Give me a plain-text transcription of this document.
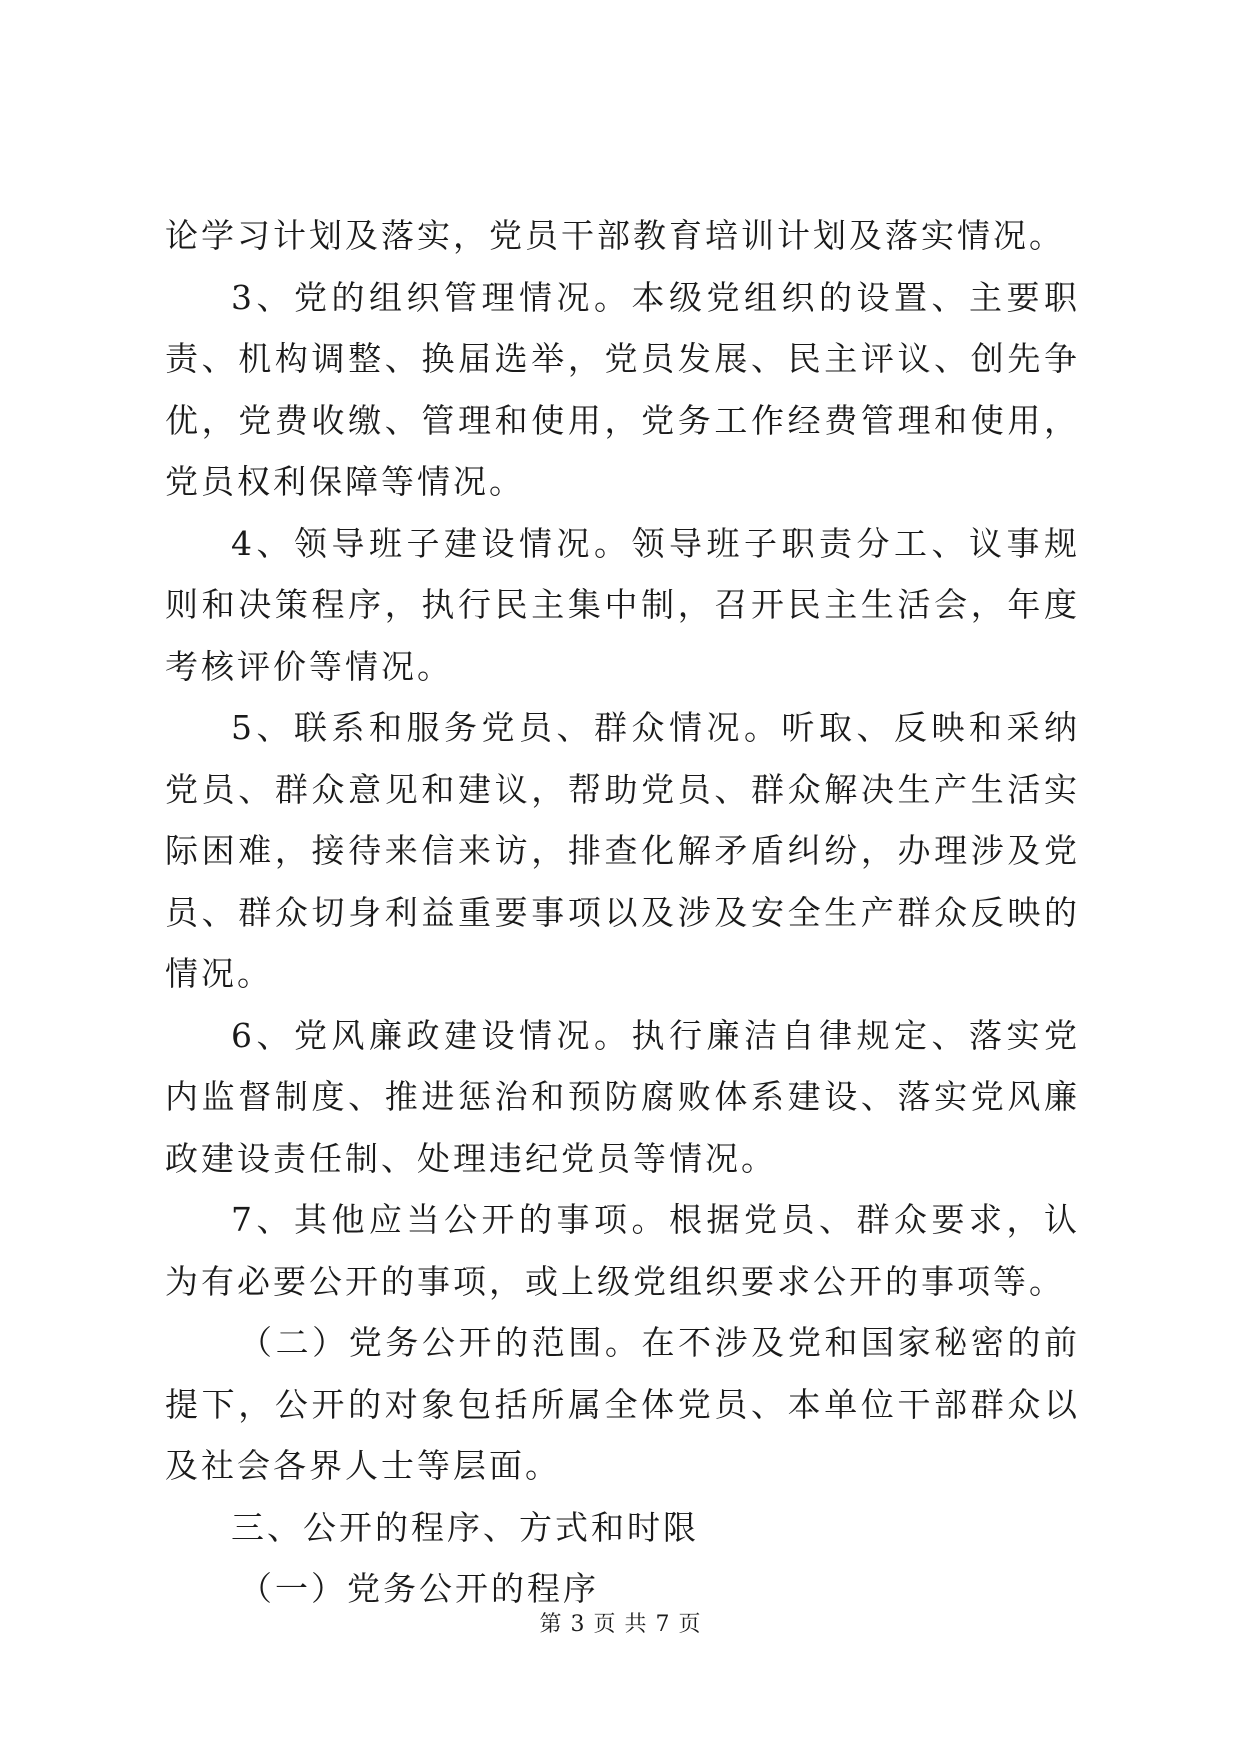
论学习计划及落实，党员干部教育培训计划及落实情况。

3、党的组织管理情况。本级党组织的设置、主要职责、机构调整、换届选举，党员发展、民主评议、创先争优，党费收缴、管理和使用，党务工作经费管理和使用，党员权利保障等情况。

4、领导班子建设情况。领导班子职责分工、议事规则和决策程序，执行民主集中制，召开民主生活会，年度考核评价等情况。

5、联系和服务党员、群众情况。听取、反映和采纳党员、群众意见和建议，帮助党员、群众解决生产生活实际困难，接待来信来访，排查化解矛盾纠纷，办理涉及党员、群众切身利益重要事项以及涉及安全生产群众反映的情况。

6、党风廉政建设情况。执行廉洁自律规定、落实党内监督制度、推进惩治和预防腐败体系建设、落实党风廉政建设责任制、处理违纪党员等情况。

7、其他应当公开的事项。根据党员、群众要求，认为有必要公开的事项，或上级党组织要求公开的事项等。

（二）党务公开的范围。在不涉及党和国家秘密的前提下，公开的对象包括所属全体党员、本单位干部群众以及社会各界人士等层面。

三、公开的程序、方式和时限

（一）党务公开的程序

第 3 页 共 7 页
